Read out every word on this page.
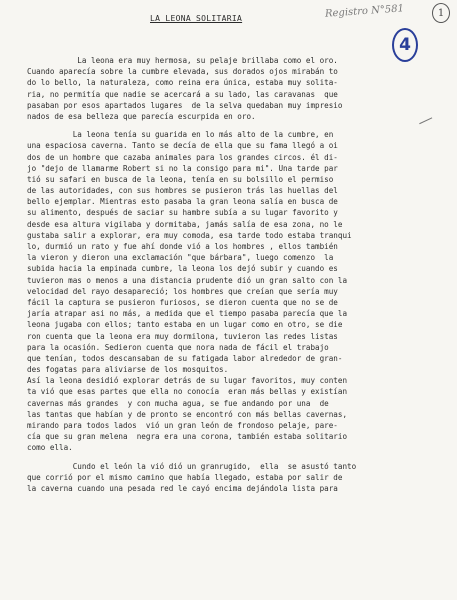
LA LEONA SOLITARIA	Registro N°581	1
4
La leona era muy hermosa, su pelaje brillaba como el oro.
Cuando aparecía sobre la cumbre elevada, sus dorados ojos mirabán to
do lo bello, la naturaleza, como reina era única, estaba muy solita-
ria, no permitía que nadie se acercará a su lado, las caravanas  que
pasaban por esos apartados lugares  de la selva quedaban muy impresio
nados de esa belleza que parecía escurpida en oro.
La leona tenía su guarida en lo más alto de la cumbre, en
una espaciosa caverna. Tanto se decía de ella que su fama llegó a oi
dos de un hombre que cazaba animales para los grandes circos. él di-
jo "dejo de llamarme Robert si no la consigo para mi". Una tarde par
tió su safari en busca de la leona, tenía en su bolsillo el permiso
de las autoridades, con sus hombres se pusieron trás las huellas del
bello ejemplar. Mientras esto pasaba la gran leona salía en busca de
su alimento, después de saciar su hambre subía a su lugar favorito y
desde esa altura vigilaba y dormitaba, jamás salía de esa zona, no le
gustaba salir a explorar, era muy comoda, esa tarde todo estaba tranqui
lo, durmió un rato y fue ahí donde vió a los hombres , ellos también
la vieron y dieron una exclamación "que bárbara", luego comenzo  la
subida hacia la empinada cumbre, la leona los dejó subir y cuando es
tuvieron mas o menos a una distancia prudente dió un gran salto con la
velocidad del rayo desapareció; los hombres que creían que sería muy
fácil la captura se pusieron furiosos, se dieron cuenta que no se de
jaría atrapar asi no más, a medida que el tiempo pasaba parecía que la
leona jugaba con ellos; tanto estaba en un lugar como en otro, se die
ron cuenta que la leona era muy dormilona, tuvieron las redes listas
para la ocasión. Sedieron cuenta que nora nada de fácil el trabajo
que tenían, todos descansaban de su fatigada labor alrededor de gran-
des fogatas para aliviarse de los mosquitos.
Así la leona desidió explorar detrás de su lugar favoritos, muy conten
ta vió que esas partes que ella no conocía  eran más bellas y existían
cavernas más grandes  y con mucha agua, se fue andando por una  de
las tantas que habían y de pronto se encontró con más bellas cavernas,
mirando para todos lados  vió un gran león de frondoso pelaje, pare-
cía que su gran melena  negra era una corona, también estaba solitario
como ella.
Cundo el león la vió dió un granrugido,  ella  se asustó tanto
que corrió por el mismo camino que había llegado, estaba por salir de
la caverna cuando una pesada red le cayó encima dejándola lista para
